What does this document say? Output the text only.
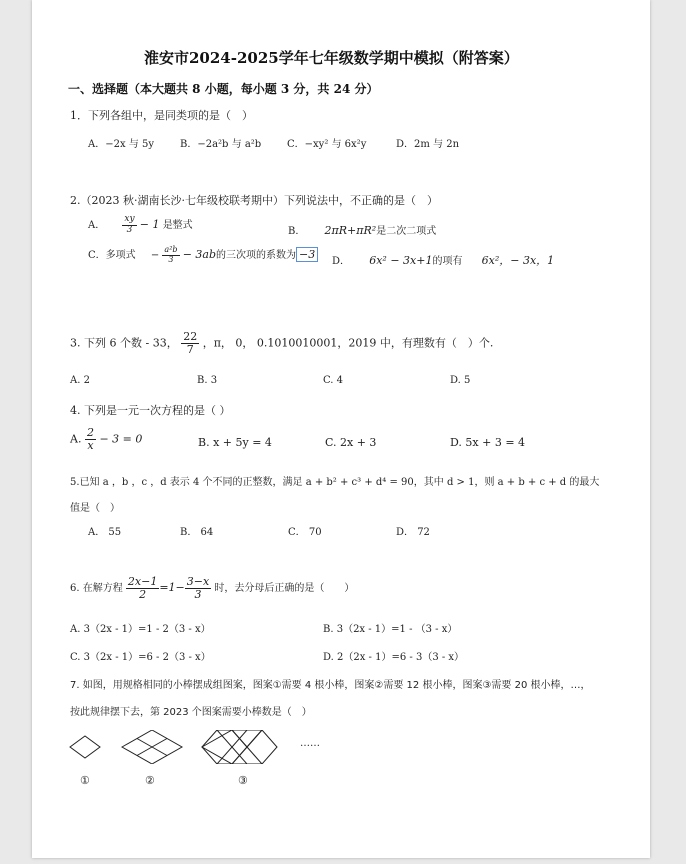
淮安市2024-2025学年七年级数学期中模拟（附答案）
一、选择题（本大题共 8 小题，每小题 3 分，共 24 分）
1．下列各组中，是同类项的是（　）
A．−2x 与 5y	B．−2a²b 与 a²b	C．−xy² 与 6x²y	D．2m 与 2n
2.（2023 秋·湖南长沙·七年级校联考期中）下列说法中，不正确的是（　）
A． $\frac{xy}{3} - 1$ 是整式
B． 2πR+πR²是二次二项式
C．多项式 − $\frac{\text{a²b}}{3} - 3ab$的三次项的系数为 −3
D． 6x² − 3x+1的项有 6x²，− 3x，1
3. 下列 6 个数 - 33， $\frac{22}{7}$ ，π， 0， 0.1010010001，2019 中，有理数有（　）个.
A. 2	B. 3	C. 4	D. 5
4. 下列是一元一次方程的是（ ）
A. $\frac{2}{x} - 3 = 0$	B. x + 5y = 4	C. 2x + 3	D. 5x + 3 = 4
5.已知 a ，b ，c ，d 表示 4 个不同的正整数，满足 a + b² + c³ + d⁴ = 90，其中 d > 1，则 a + b + c + d 的最大
值是（　）
A． 55	B． 64	C． 70	D． 72
6. 在解方程 $\frac{2x-1}{2} =1- \frac{3-x}{3}$ 时，去分母后正确的是（　　）
A. 3（2x - 1）=1 - 2（3 - x）	B. 3（2x - 1）=1 - （3 - x）
C. 3（2x - 1）=6 - 2（3 - x）	D. 2（2x - 1）=6 - 3（3 - x）
7. 如图，用规格相同的小棒摆成组图案，图案①需要 4 根小棒，图案②需要 12 根小棒，图案③需要 20 根小棒，…，
按此规律摆下去，第 2023 个图案需要小棒数是（　）
……
①	②	③
